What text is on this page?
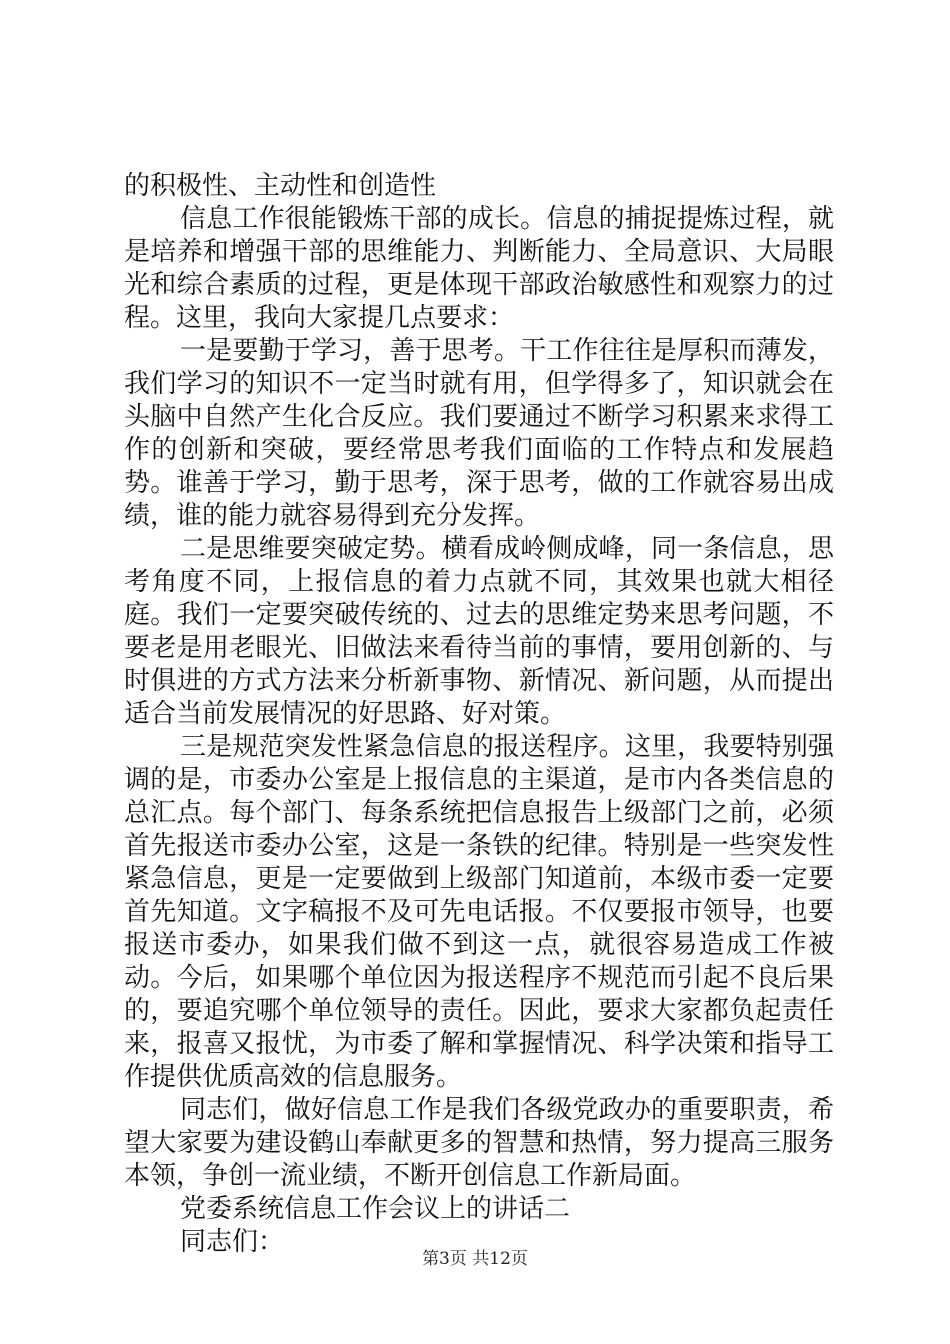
的积极性、主动性和创造性

信息工作很能锻炼干部的成长。信息的捕捉提炼过程，就是培养和增强干部的思维能力、判断能力、全局意识、大局眼光和综合素质的过程，更是体现干部政治敏感性和观察力的过程。这里，我向大家提几点要求：

一是要勤于学习，善于思考。干工作往往是厚积而薄发，我们学习的知识不一定当时就有用，但学得多了，知识就会在头脑中自然产生化合反应。我们要通过不断学习积累来求得工作的创新和突破，要经常思考我们面临的工作特点和发展趋势。谁善于学习，勤于思考，深于思考，做的工作就容易出成绩，谁的能力就容易得到充分发挥。

二是思维要突破定势。横看成岭侧成峰，同一条信息，思考角度不同，上报信息的着力点就不同，其效果也就大相径庭。我们一定要突破传统的、过去的思维定势来思考问题，不要老是用老眼光、旧做法来看待当前的事情，要用创新的、与时俱进的方式方法来分析新事物、新情况、新问题，从而提出适合当前发展情况的好思路、好对策。

三是规范突发性紧急信息的报送程序。这里，我要特别强调的是，市委办公室是上报信息的主渠道，是市内各类信息的总汇点。每个部门、每条系统把信息报告上级部门之前，必须首先报送市委办公室，这是一条铁的纪律。特别是一些突发性紧急信息，更是一定要做到上级部门知道前，本级市委一定要首先知道。文字稿报不及可先电话报。不仅要报市领导，也要报送市委办，如果我们做不到这一点，就很容易造成工作被动。今后，如果哪个单位因为报送程序不规范而引起不良后果的，要追究哪个单位领导的责任。因此，要求大家都负起责任来，报喜又报忧，为市委了解和掌握情况、科学决策和指导工作提供优质高效的信息服务。

同志们，做好信息工作是我们各级党政办的重要职责，希望大家要为建设鹤山奉献更多的智慧和热情，努力提高三服务本领，争创一流业绩，不断开创信息工作新局面。

党委系统信息工作会议上的讲话二

同志们：

第3页 共12页
